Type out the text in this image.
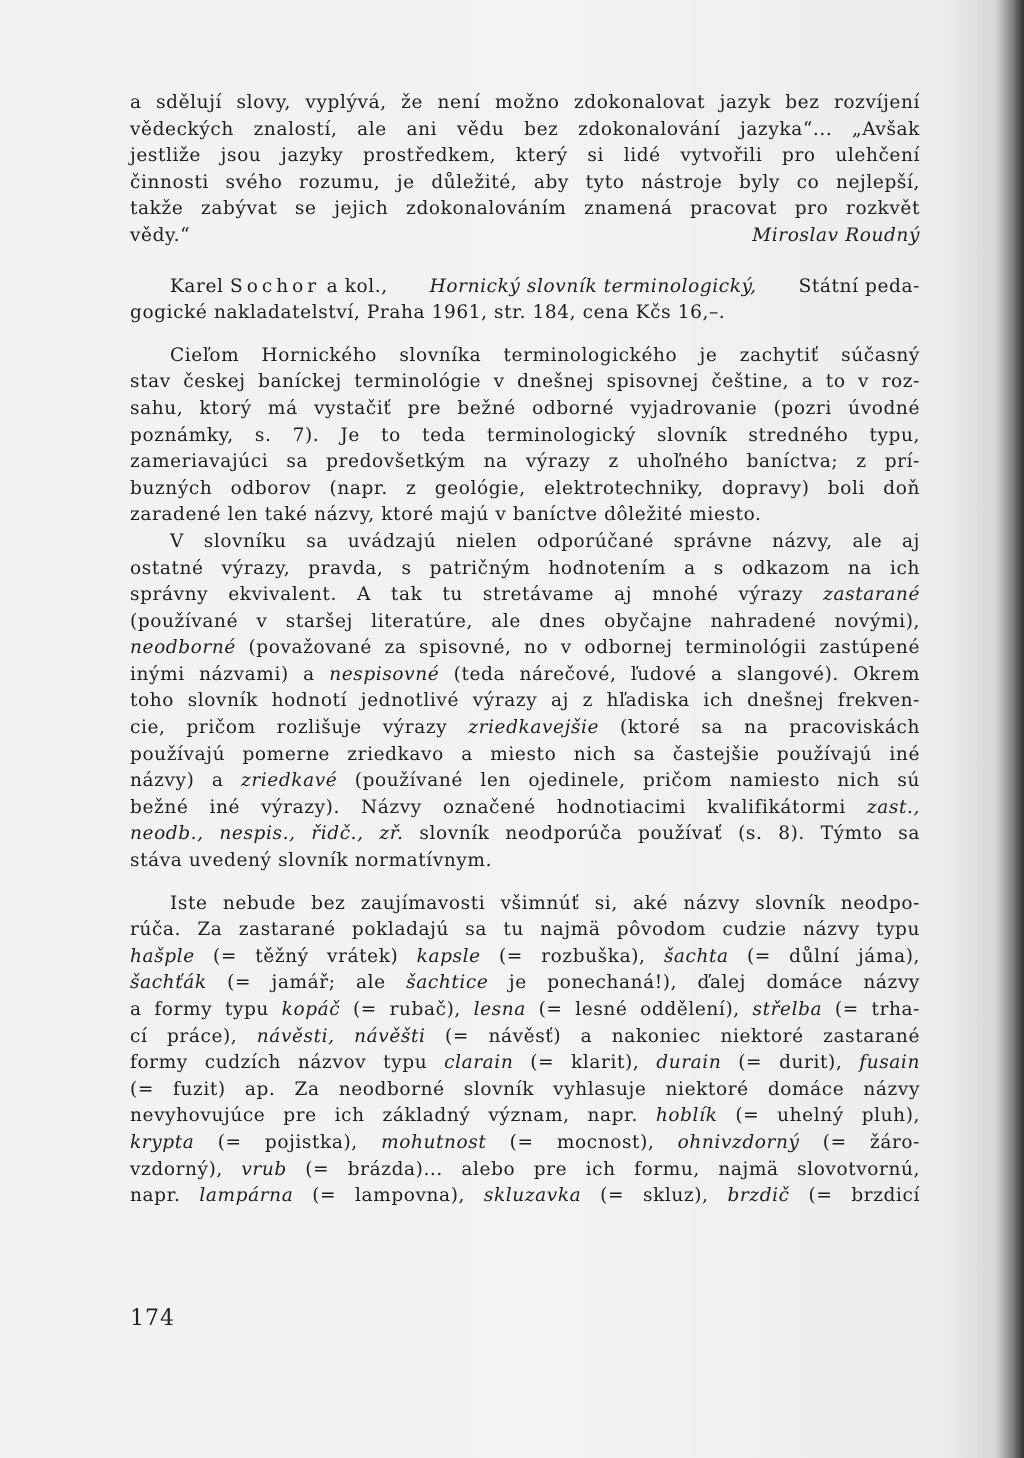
a sdělují slovy, vyplývá, že není možno zdokonalovat jazyk bez rozvíjení
vědeckých znalostí, ale ani vědu bez zdokonalování jazyka“... „Avšak
jestliže jsou jazyky prostředkem, který si lidé vytvořili pro ulehčení
činnosti svého rozumu, je důležité, aby tyto nástroje byly co nejlepší,
takže zabývat se jejich zdokonalováním znamená pracovat pro rozkvět
vědy.“	Miroslav Roudný
Karel Sochor a kol., Hornický slovník terminologický, Státní peda-
gogické nakladatelství, Praha 1961, str. 184, cena Kčs 16,–.
Cieľom Hornického slovníka terminologického je zachytiť súčasný
stav českej baníckej terminológie v dnešnej spisovnej češtine, a to v roz-
sahu, ktorý má vystačiť pre bežné odborné vyjadrovanie (pozri úvodné
poznámky, s. 7). Je to teda terminologický slovník stredného typu,
zameriavajúci sa predovšetkým na výrazy z uhoľného baníctva; z prí-
buzných odborov (napr. z geológie, elektrotechniky, dopravy) boli doň
zaradené len také názvy, ktoré majú v baníctve dôležité miesto.
V slovníku sa uvádzajú nielen odporúčané správne názvy, ale aj
ostatné výrazy, pravda, s patričným hodnotením a s odkazom na ich
správny ekvivalent. A tak tu stretávame aj mnohé výrazy zastarané
(používané v staršej literatúre, ale dnes obyčajne nahradené novými),
neodborné (považované za spisovné, no v odbornej terminológii zastúpené
inými názvami) a nespisovné (teda nárečové, ľudové a slangové). Okrem
toho slovník hodnotí jednotlivé výrazy aj z hľadiska ich dnešnej frekven-
cie, pričom rozlišuje výrazy zriedkavejšie (ktoré sa na pracoviskách
používajú pomerne zriedkavo a miesto nich sa častejšie používajú iné
názvy) a zriedkavé (používané len ojedinele, pričom namiesto nich sú
bežné iné výrazy). Názvy označené hodnotiacimi kvalifikátormi zast.,
neodb., nespis., řidč., zř. slovník neodporúča používať (s. 8). Týmto sa
stáva uvedený slovník normatívnym.
Iste nebude bez zaujímavosti všimnúť si, aké názvy slovník neodpo-
rúča. Za zastarané pokladajú sa tu najmä pôvodom cudzie názvy typu
hašple (= těžný vrátek) kapsle (= rozbuška), šachta (= důlní jáma),
šachťák (= jamář; ale šachtice je ponechaná!), ďalej domáce názvy
a formy typu kopáč (= rubač), lesna (= lesné oddělení), střelba (= trha-
cí práce), návěsti, návěšti (= návěsť) a nakoniec niektoré zastarané
formy cudzích názvov typu clarain (= klarit), durain (= durit), fusain
(= fuzit) ap. Za neodborné slovník vyhlasuje niektoré domáce názvy
nevyhovujúce pre ich základný význam, napr. hoblík (= uhelný pluh),
krypta (= pojistka), mohutnost (= mocnost), ohnivzdorný (= žáro-
vzdorný), vrub (= brázda)... alebo pre ich formu, najmä slovotvornú,
napr. lampárna (= lampovna), skluzavka (= skluz), brzdič (= brzdicí
174
